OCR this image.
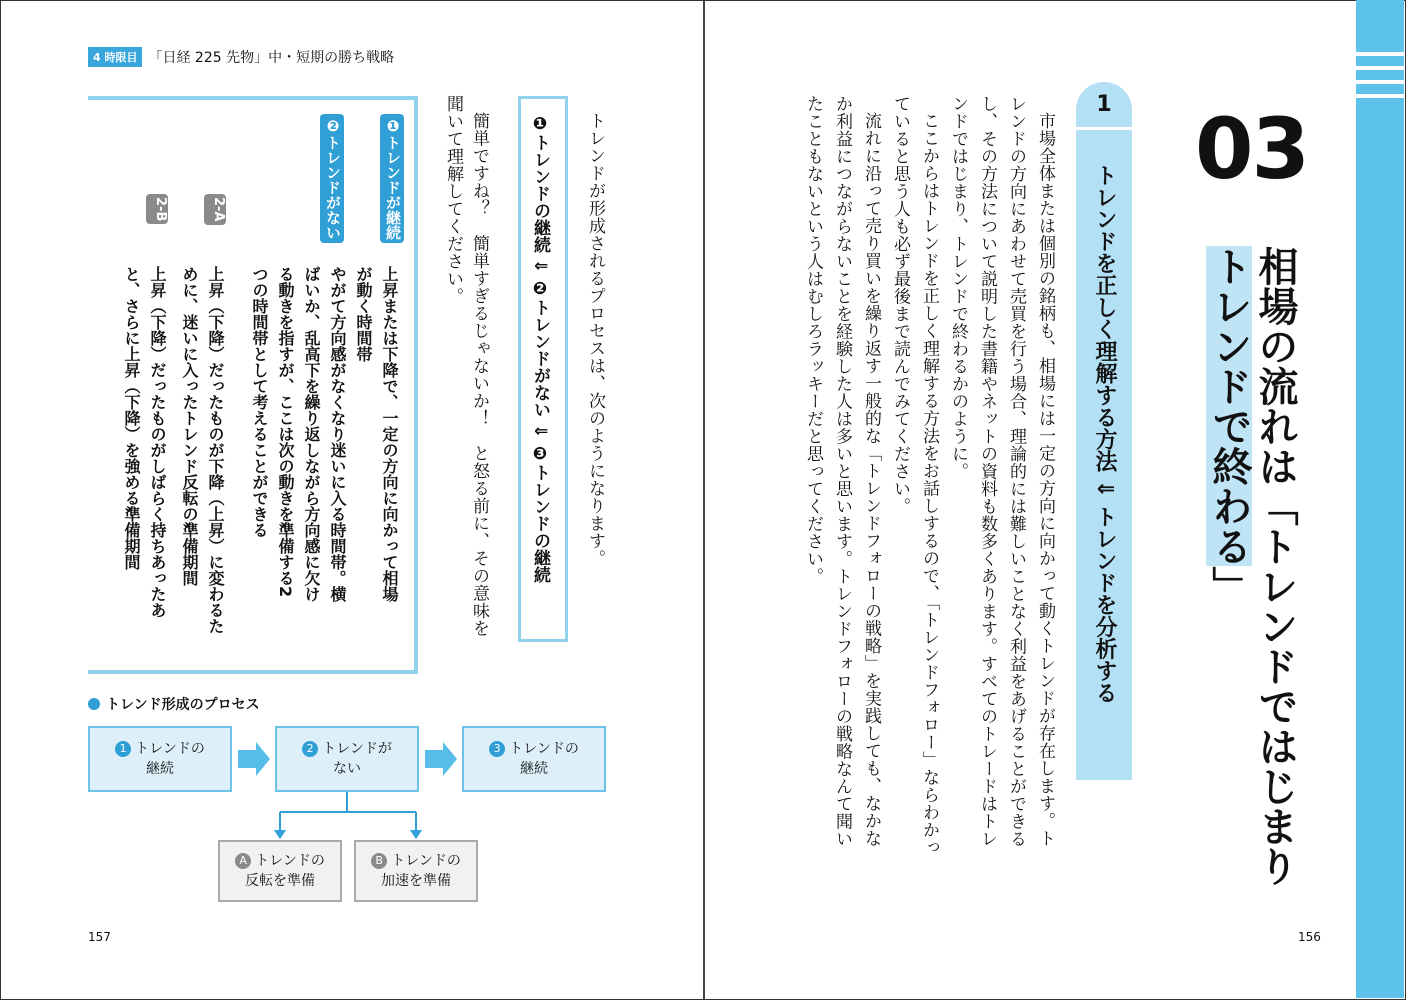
4 時限目 「日経 225 先物」中・短期の勝ち戦略

トレンドが形成されるプロセスは、次のようになります。

❶トレンドの継続 ⇓ ❷トレンドがない ⇓ ❸トレンドの継続

簡単ですね？　簡単すぎるじゃないか！　と怒る前に、その意味を

聞いて理解してください。

❶トレンドが継続

上昇または下降で、一定の方向に向かって相場

が動く時間帯

❷トレンドがない

やがて方向感がなくなり迷いに入る時間帯。横

ばいか、乱高下を繰り返しながら方向感に欠け

る動きを指すが、ここは次の動きを準備する2

つの時間帯として考えることができる

2-A

上昇（下降）だったものが下降（上昇）に変わるた

めに、迷いに入ったトレンド反転の準備期間

2-B

上昇（下降）だったものがしばらく持ちあったあ

と、さらに上昇（下降）を強める準備期間

トレンド形成のプロセス
1 トレンドの
継続
2 トレンドが
ない
3 トレンドの
継続
A トレンドの
反転を準備
B トレンドの
加速を準備
157
03

相場の流れは「トレンドではじまり

トレンドで終わる」

1

トレンドを正しく理解する方法 ⇓ トレンドを分析する

市場全体または個別の銘柄も、相場には一定の方向に向かって動くトレンドが存在します。ト

レンドの方向にあわせて売買を行う場合、理論的には難しいことなく利益をあげることができる

し、その方法について説明した書籍やネットの資料も数多くあります。すべてのトレードはトレ

ンドではじまり、トレンドで終わるかのように。

ここからはトレンドを正しく理解する方法をお話しするので、「トレンドフォロー」ならわかっ

ていると思う人も必ず最後まで読んでみてください。

流れに沿って売り買いを繰り返す一般的な「トレンドフォローの戦略」を実践しても、なかな

か利益につながらないことを経験した人は多いと思います。トレンドフォローの戦略なんて聞い

たこともないという人はむしろラッキーだと思ってください。

156
